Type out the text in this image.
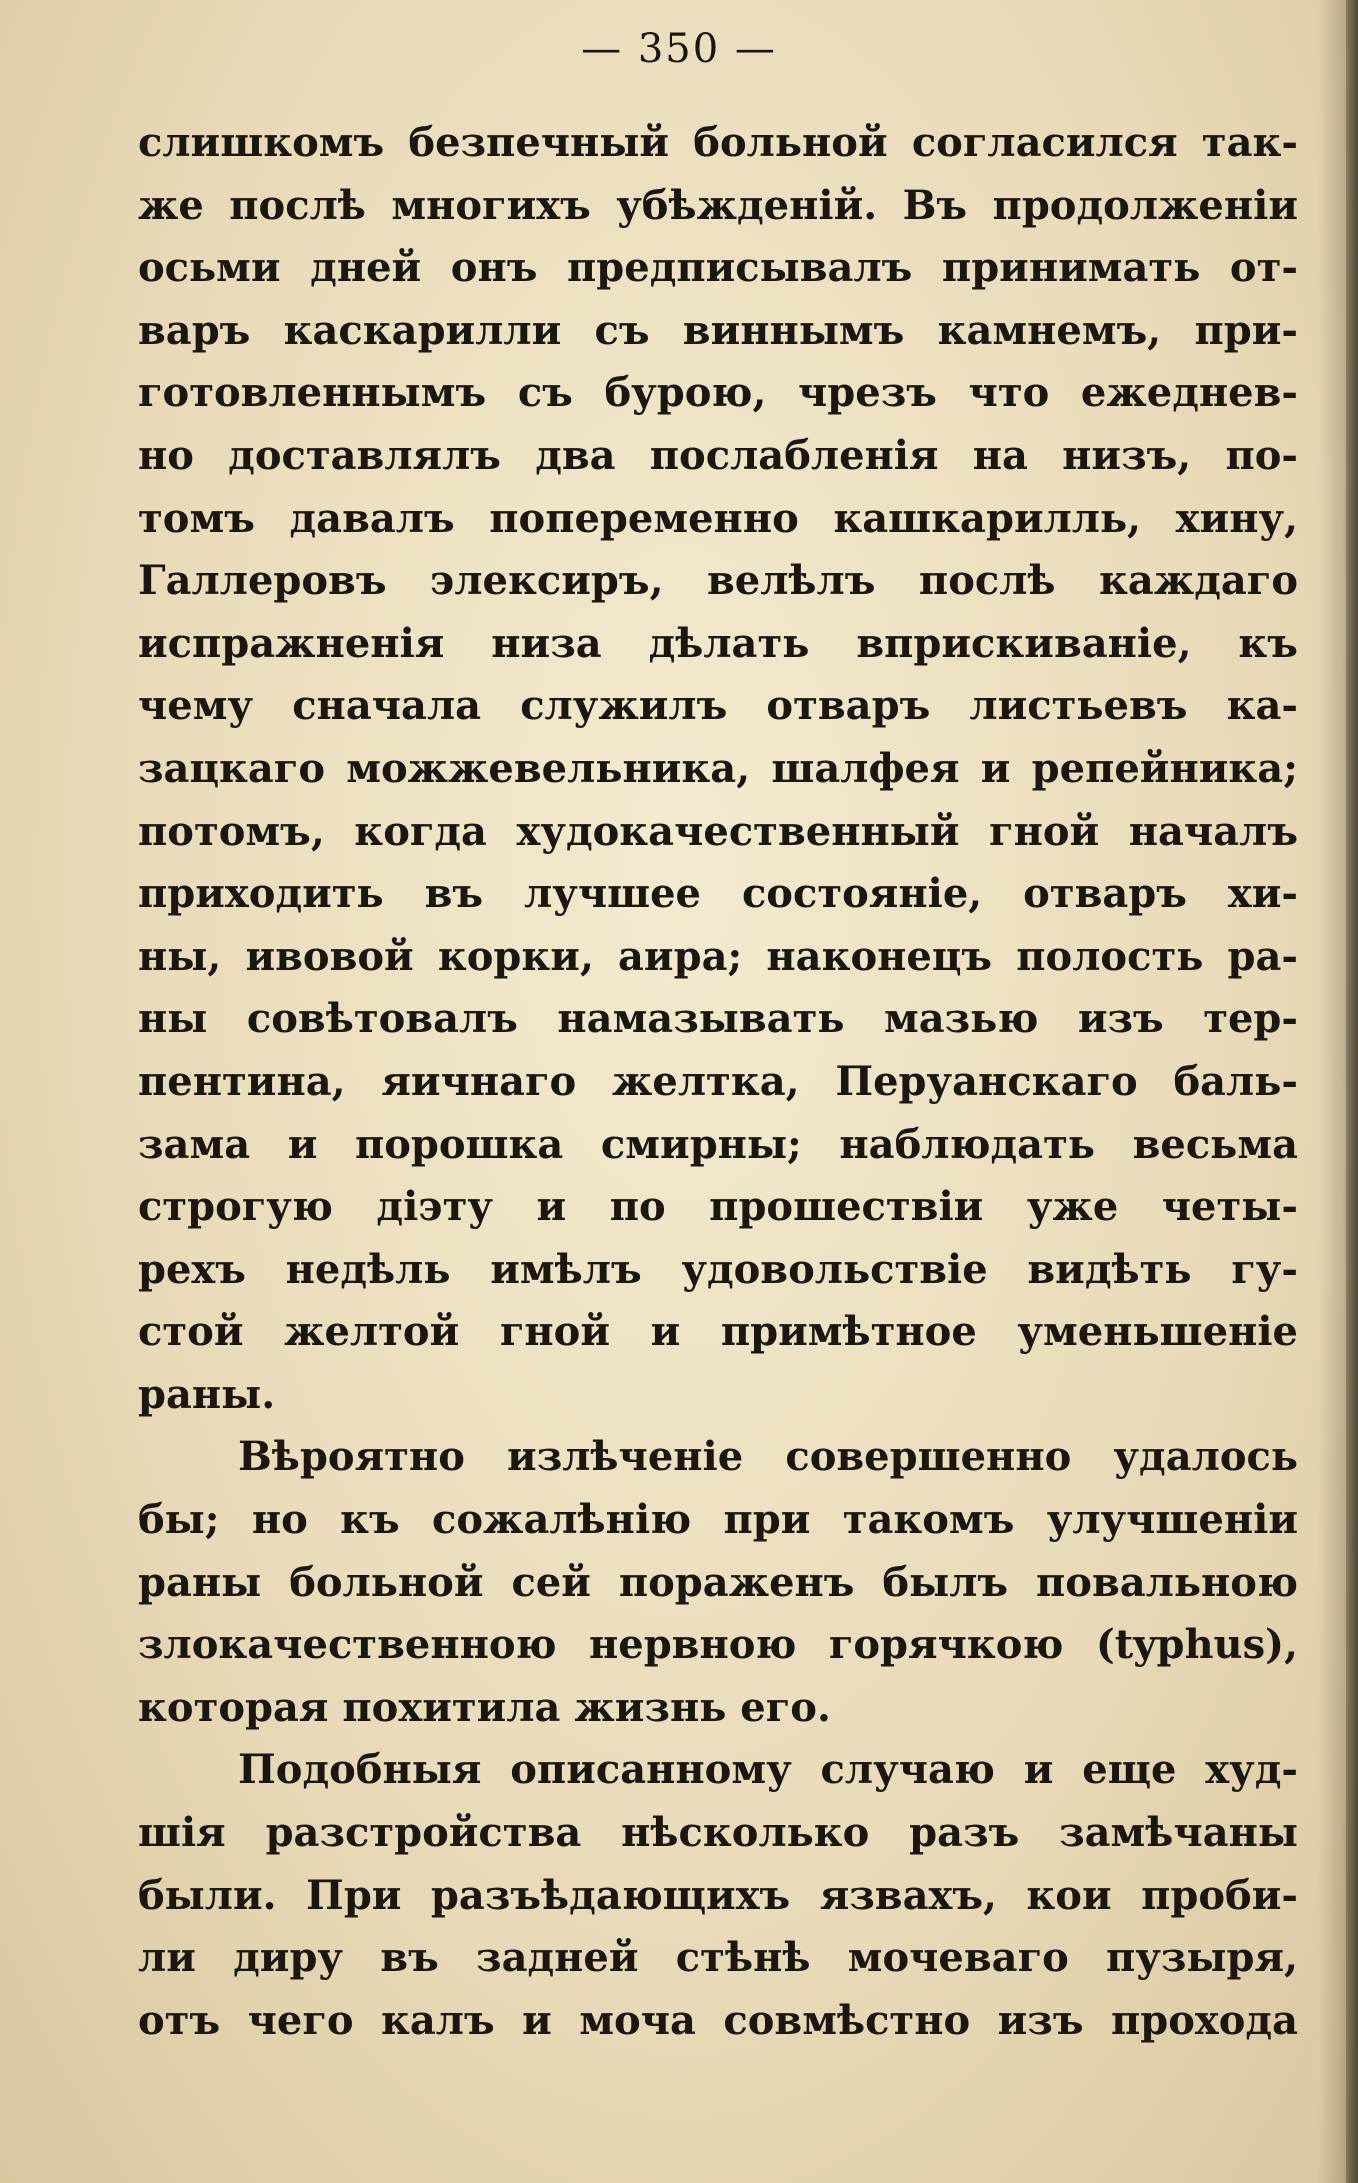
— 350 —
слишкомъ безпечный больной согласился так-
же послѣ многихъ убѣжденій. Въ продолженіи
осьми дней онъ предписывалъ принимать от-
варъ каскарилли съ виннымъ камнемъ, при-
готовленнымъ съ бурою, чрезъ что ежеднев-
но доставлялъ два послабленія на низъ, по-
томъ давалъ попеременно кашкарилль, хину,
Галлеровъ элексиръ, велѣлъ послѣ каждаго
испражненія низа дѣлать вприскиваніе, къ
чему сначала служилъ отваръ листьевъ ка-
зацкаго можжевельника, шалфея и репейника;
потомъ, когда худокачественный гной началъ
приходить въ лучшее состояніе, отваръ хи-
ны, ивовой корки, аира; наконецъ полость ра-
ны совѣтовалъ намазывать мазью изъ тер-
пентина, яичнаго желтка, Перуанскаго баль-
зама и порошка смирны; наблюдать весьма
строгую діэту и по прошествіи уже четы-
рехъ недѣль имѣлъ удовольствіе видѣть гу-
стой желтой гной и примѣтное уменьшеніе
раны.
Вѣроятно излѣченіе совершенно удалось
бы; но къ сожалѣнію при такомъ улучшеніи
раны больной сей пораженъ былъ повальною
злокачественною нервною горячкою (typhus),
которая похитила жизнь его.
Подобныя описанному случаю и еще худ-
шія разстройства нѣсколько разъ замѣчаны
были. При разъѣдающихъ язвахъ, кои проби-
ли диру въ задней стѣнѣ мочеваго пузыря,
отъ чего калъ и моча совмѣстно изъ прохода
